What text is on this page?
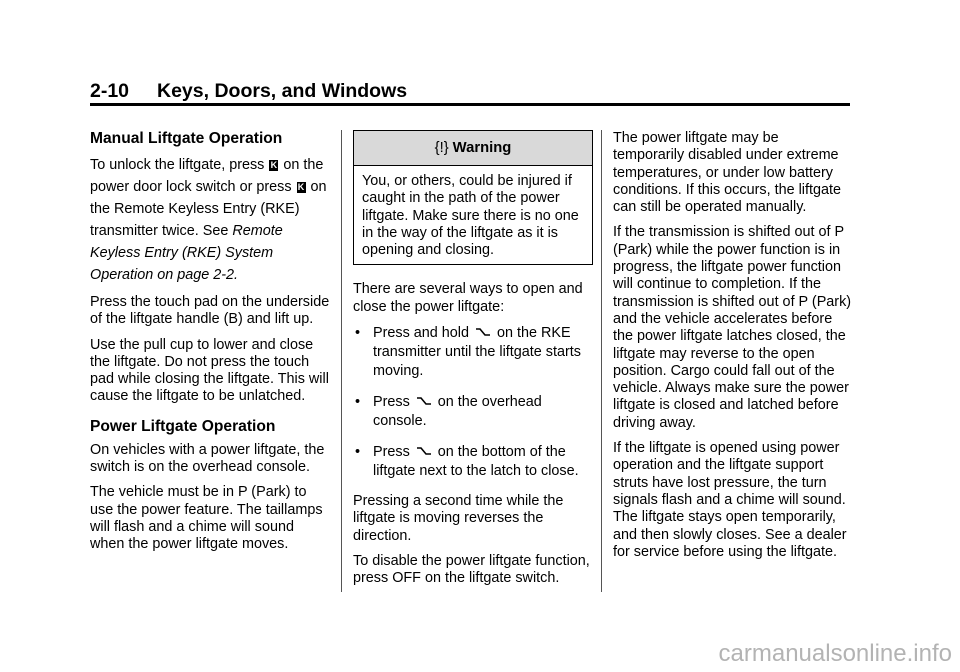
2-10 Keys, Doors, and Windows
Manual Liftgate Operation

To unlock the liftgate, press K on the power door lock switch or press K on the Remote Keyless Entry (RKE) transmitter twice. See Remote Keyless Entry (RKE) System Operation on page 2-2.

Press the touch pad on the underside of the liftgate handle (B) and lift up.

Use the pull cup to lower and close the liftgate. Do not press the touch pad while closing the liftgate. This will cause the liftgate to be unlatched.

Power Liftgate Operation

On vehicles with a power liftgate, the switch is on the overhead console.

The vehicle must be in P (Park) to use the power feature. The taillamps will flash and a chime will sound when the power liftgate moves.

{!} Warning
You, or others, could be injured if caught in the path of the power liftgate. Make sure there is no one in the way of the liftgate as it is opening and closing.

There are several ways to open and close the power liftgate:

• Press and hold on the RKE transmitter until the liftgate starts moving.
• Press on the overhead console.
• Press on the bottom of the liftgate next to the latch to close.

Pressing a second time while the liftgate is moving reverses the direction.

To disable the power liftgate function, press OFF on the liftgate switch.

The power liftgate may be temporarily disabled under extreme temperatures, or under low battery conditions. If this occurs, the liftgate can still be operated manually.

If the transmission is shifted out of P (Park) while the power function is in progress, the liftgate power function will continue to completion. If the transmission is shifted out of P (Park) and the vehicle accelerates before the power liftgate latches closed, the liftgate may reverse to the open position. Cargo could fall out of the vehicle. Always make sure the power liftgate is closed and latched before driving away.

If the liftgate is opened using power operation and the liftgate support struts have lost pressure, the turn signals flash and a chime will sound. The liftgate stays open temporarily, and then slowly closes. See a dealer for service before using the liftgate.

carmanualsonline.info
